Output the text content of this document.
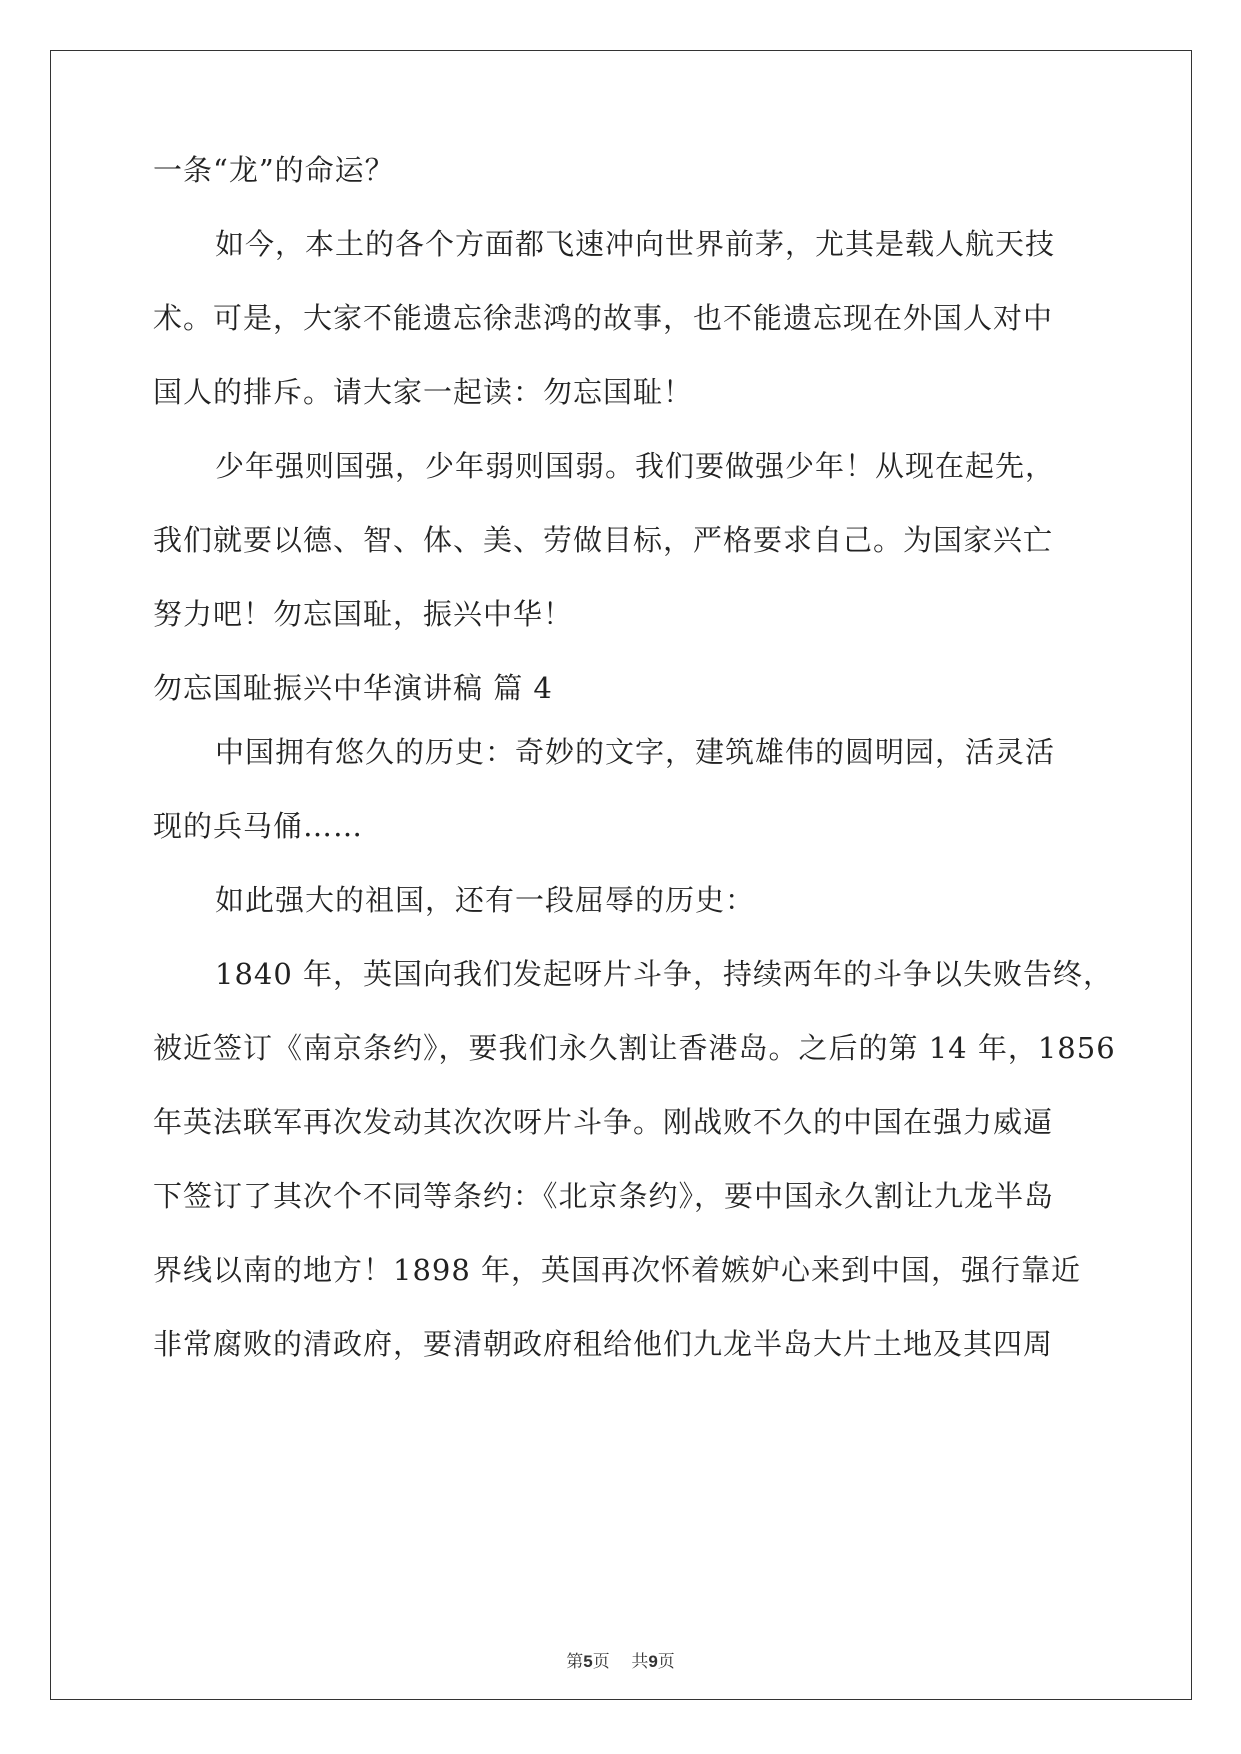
一条“龙”的命运？
如今，本土的各个方面都飞速冲向世界前茅，尤其是载人航天技
术。可是，大家不能遗忘徐悲鸿的故事，也不能遗忘现在外国人对中
国人的排斥。请大家一起读：勿忘国耻！
少年强则国强，少年弱则国弱。我们要做强少年！从现在起先，
我们就要以德、智、体、美、劳做目标，严格要求自己。为国家兴亡
努力吧！勿忘国耻，振兴中华！
勿忘国耻振兴中华演讲稿 篇 4
中国拥有悠久的历史：奇妙的文字，建筑雄伟的圆明园，活灵活
现的兵马俑……
如此强大的祖国，还有一段屈辱的历史：
1840 年，英国向我们发起呀片斗争，持续两年的斗争以失败告终，
被近签订《南京条约》，要我们永久割让香港岛。之后的第 14 年，1856
年英法联军再次发动其次次呀片斗争。刚战败不久的中国在强力威逼
下签订了其次个不同等条约：《北京条约》，要中国永久割让九龙半岛
界线以南的地方！1898 年，英国再次怀着嫉妒心来到中国，强行靠近
非常腐败的清政府，要清朝政府租给他们九龙半岛大片土地及其四周
第5页 共9页
